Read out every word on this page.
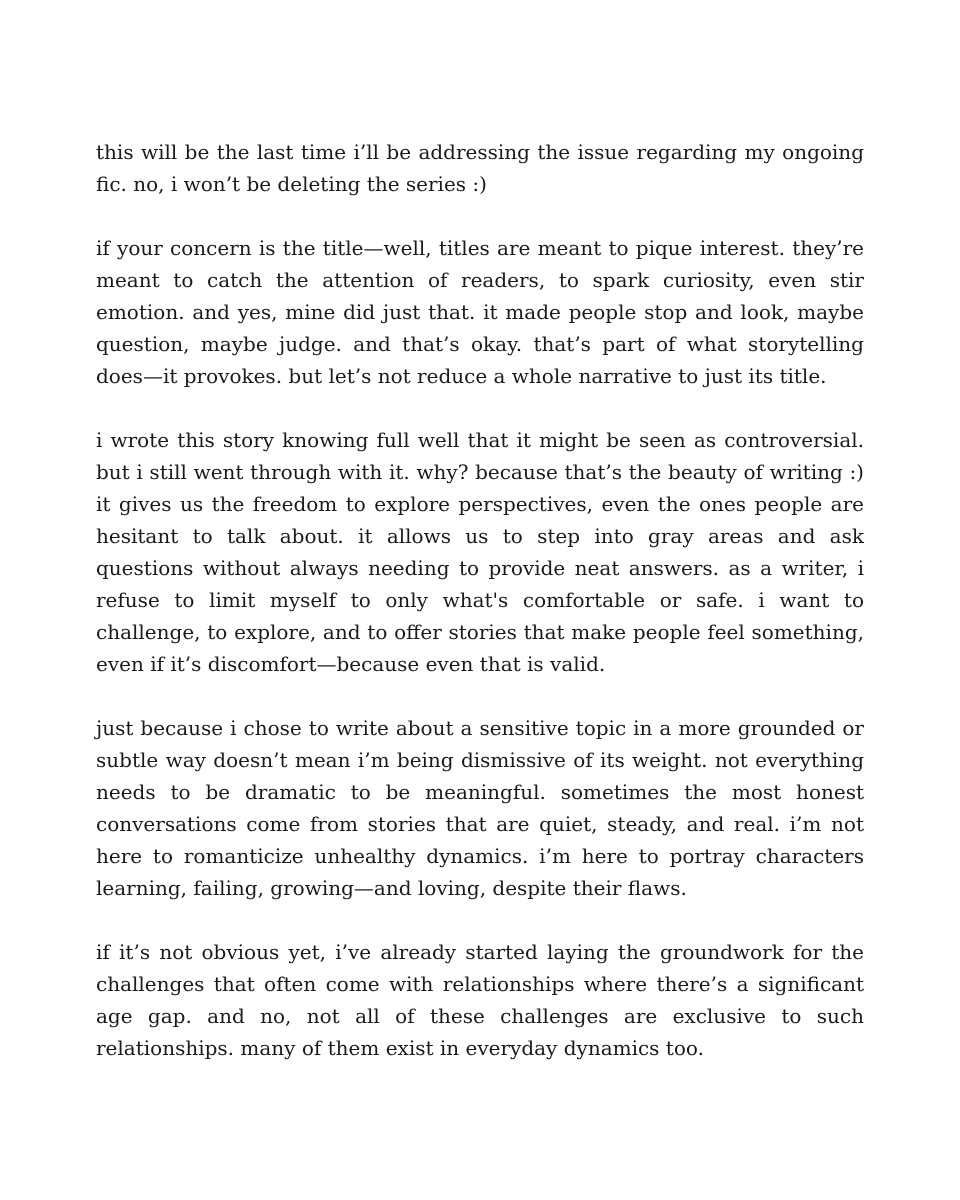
this will be the last time i’ll be addressing the issue regarding my ongoing fic. no, i won’t be deleting the series :)

if your concern is the title—well, titles are meant to pique interest. they’re meant to catch the attention of readers, to spark curiosity, even stir emotion. and yes, mine did just that. it made people stop and look, maybe question, maybe judge. and that’s okay. that’s part of what storytelling does—it provokes. but let’s not reduce a whole narrative to just its title.

i wrote this story knowing full well that it might be seen as controversial. but i still went through with it. why? because that’s the beauty of writing :) it gives us the freedom to explore perspectives, even the ones people are hesitant to talk about. it allows us to step into gray areas and ask questions without always needing to provide neat answers. as a writer, i refuse to limit myself to only what's comfortable or safe. i want to challenge, to explore, and to offer stories that make people feel something, even if it’s discomfort—because even that is valid.

just because i chose to write about a sensitive topic in a more grounded or subtle way doesn’t mean i’m being dismissive of its weight. not everything needs to be dramatic to be meaningful. sometimes the most honest conversations come from stories that are quiet, steady, and real. i’m not here to romanticize unhealthy dynamics. i’m here to portray characters learning, failing, growing—and loving, despite their flaws.

if it’s not obvious yet, i’ve already started laying the groundwork for the challenges that often come with relationships where there’s a significant age gap. and no, not all of these challenges are exclusive to such relationships. many of them exist in everyday dynamics too.
